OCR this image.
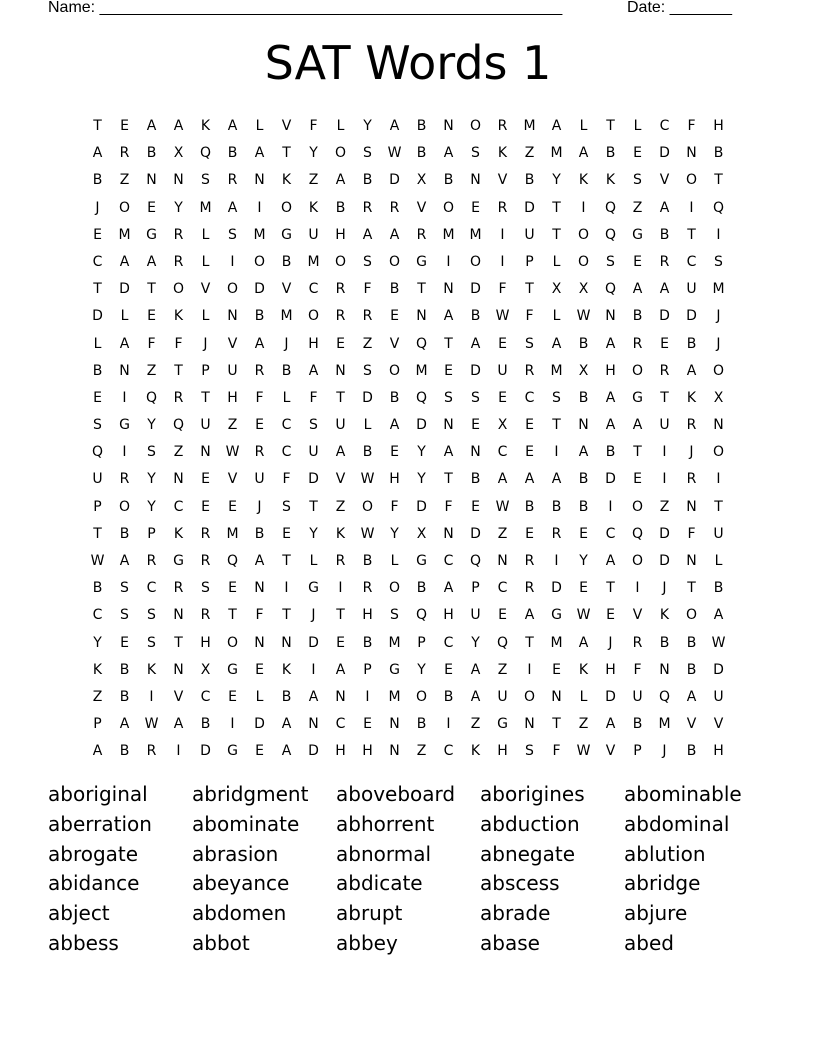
Name: ____________________________________________________	Date: _______
SAT Words 1
T	E	A	A	K	A	L	V	F	L	Y	A	B	N	O	R	M	A	L	T	L	C	F	H
A	R	B	X	Q	B	A	T	Y	O	S	W	B	A	S	K	Z	M	A	B	E	D	N	B
B	Z	N	N	S	R	N	K	Z	A	B	D	X	B	N	V	B	Y	K	K	S	V	O	T
J	O	E	Y	M	A	I	O	K	B	R	R	V	O	E	R	D	T	I	Q	Z	A	I	Q
E	M	G	R	L	S	M	G	U	H	A	A	R	M	M	I	U	T	O	Q	G	B	T	I
C	A	A	R	L	I	O	B	M	O	S	O	G	I	O	I	P	L	O	S	E	R	C	S
T	D	T	O	V	O	D	V	C	R	F	B	T	N	D	F	T	X	X	Q	A	A	U	M
D	L	E	K	L	N	B	M	O	R	R	E	N	A	B	W	F	L	W	N	B	D	D	J
L	A	F	F	J	V	A	J	H	E	Z	V	Q	T	A	E	S	A	B	A	R	E	B	J
B	N	Z	T	P	U	R	B	A	N	S	O	M	E	D	U	R	M	X	H	O	R	A	O
E	I	Q	R	T	H	F	L	F	T	D	B	Q	S	S	E	C	S	B	A	G	T	K	X
S	G	Y	Q	U	Z	E	C	S	U	L	A	D	N	E	X	E	T	N	A	A	U	R	N
Q	I	S	Z	N	W	R	C	U	A	B	E	Y	A	N	C	E	I	A	B	T	I	J	O
U	R	Y	N	E	V	U	F	D	V	W	H	Y	T	B	A	A	A	B	D	E	I	R	I
P	O	Y	C	E	E	J	S	T	Z	O	F	D	F	E	W	B	B	B	I	O	Z	N	T
T	B	P	K	R	M	B	E	Y	K	W	Y	X	N	D	Z	E	R	E	C	Q	D	F	U
W	A	R	G	R	Q	A	T	L	R	B	L	G	C	Q	N	R	I	Y	A	O	D	N	L
B	S	C	R	S	E	N	I	G	I	R	O	B	A	P	C	R	D	E	T	I	J	T	B
C	S	S	N	R	T	F	T	J	T	H	S	Q	H	U	E	A	G	W	E	V	K	O	A
Y	E	S	T	H	O	N	N	D	E	B	M	P	C	Y	Q	T	M	A	J	R	B	B	W
K	B	K	N	X	G	E	K	I	A	P	G	Y	E	A	Z	I	E	K	H	F	N	B	D
Z	B	I	V	C	E	L	B	A	N	I	M	O	B	A	U	O	N	L	D	U	Q	A	U
P	A	W	A	B	I	D	A	N	C	E	N	B	I	Z	G	N	T	Z	A	B	M	V	V
A	B	R	I	D	G	E	A	D	H	H	N	Z	C	K	H	S	F	W	V	P	J	B	H
aboriginal	abridgment	aboveboard	aborigines	abominable
aberration	abominate	abhorrent	abduction	abdominal
abrogate	abrasion	abnormal	abnegate	ablution
abidance	abeyance	abdicate	abscess	abridge
abject	abdomen	abrupt	abrade	abjure
abbess	abbot	abbey	abase	abed
